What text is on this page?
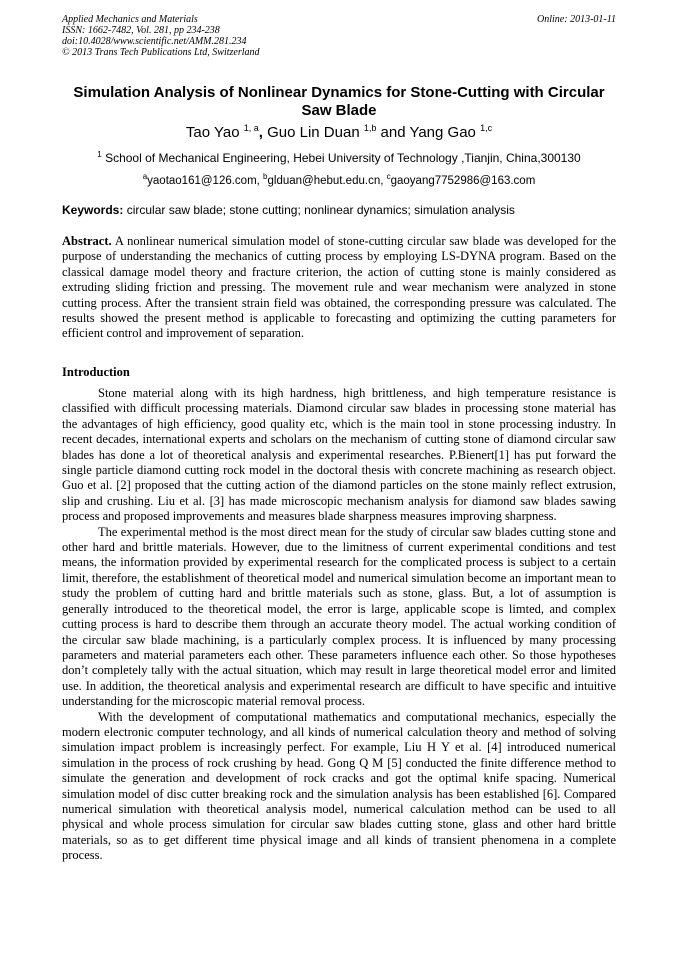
Applied Mechanics and Materials
ISSN: 1662-7482, Vol. 281, pp 234-238
doi:10.4028/www.scientific.net/AMM.281.234
© 2013 Trans Tech Publications Ltd, Switzerland
Online: 2013-01-11
Simulation Analysis of Nonlinear Dynamics for Stone-Cutting with Circular Saw Blade
Tao Yao $^{1, a}$, Guo Lin Duan $^{1,b}$ and Yang Gao $^{1,c}$
$^1$ School of Mechanical Engineering, Hebei University of Technology ,Tianjin, China,300130
$^a$yaotao161@126.com, $^b$glduan@hebut.edu.cn, $^c$gaoyang7752986@163.com
Keywords: circular saw blade; stone cutting; nonlinear dynamics; simulation analysis
Abstract. A nonlinear numerical simulation model of stone-cutting circular saw blade was developed for the purpose of understanding the mechanics of cutting process by employing LS-DYNA program. Based on the classical damage model theory and fracture criterion, the action of cutting stone is mainly considered as extruding sliding friction and pressing. The movement rule and wear mechanism were analyzed in stone cutting process. After the transient strain field was obtained, the corresponding pressure was calculated. The results showed the present method is applicable to forecasting and optimizing the cutting parameters for efficient control and improvement of separation.
Introduction

Stone material along with its high hardness, high brittleness, and high temperature resistance is classified with difficult processing materials. Diamond circular saw blades in processing stone material has the advantages of high efficiency, good quality etc, which is the main tool in stone processing industry. In recent decades, international experts and scholars on the mechanism of cutting stone of diamond circular saw blades has done a lot of theoretical analysis and experimental researches. P.Bienert[1] has put forward the single particle diamond cutting rock model in the doctoral thesis with concrete machining as research object. Guo et al. [2] proposed that the cutting action of the diamond particles on the stone mainly reflect extrusion, slip and crushing. Liu et al. [3] has made microscopic mechanism analysis for diamond saw blades sawing process and proposed improvements and measures blade sharpness measures improving sharpness.

The experimental method is the most direct mean for the study of circular saw blades cutting stone and other hard and brittle materials. However, due to the limitness of current experimental conditions and test means, the information provided by experimental research for the complicated process is subject to a certain limit, therefore, the establishment of theoretical model and numerical simulation become an important mean to study the problem of cutting hard and brittle materials such as stone, glass. But, a lot of assumption is generally introduced to the theoretical model, the error is large, applicable scope is limted, and complex cutting process is hard to describe them through an accurate theory model. The actual working condition of the circular saw blade machining, is a particularly complex process. It is influenced by many processing parameters and material parameters each other. These parameters influence each other. So those hypotheses don’t completely tally with the actual situation, which may result in large theoretical model error and limited use. In addition, the theoretical analysis and experimental research are difficult to have specific and intuitive understanding for the microscopic material removal process.

With the development of computational mathematics and computational mechanics, especially the modern electronic computer technology, and all kinds of numerical calculation theory and method of solving simulation impact problem is increasingly perfect. For example, Liu H Y et al. [4] introduced numerical simulation in the process of rock crushing by head. Gong Q M [5] conducted the finite difference method to simulate the generation and development of rock cracks and got the optimal knife spacing. Numerical simulation model of disc cutter breaking rock and the simulation analysis has been established [6]. Compared numerical simulation with theoretical analysis model, numerical calculation method can be used to all physical and whole process simulation for circular saw blades cutting stone, glass and other hard brittle materials, so as to get different time physical image and all kinds of transient phenomena in a complete process.
